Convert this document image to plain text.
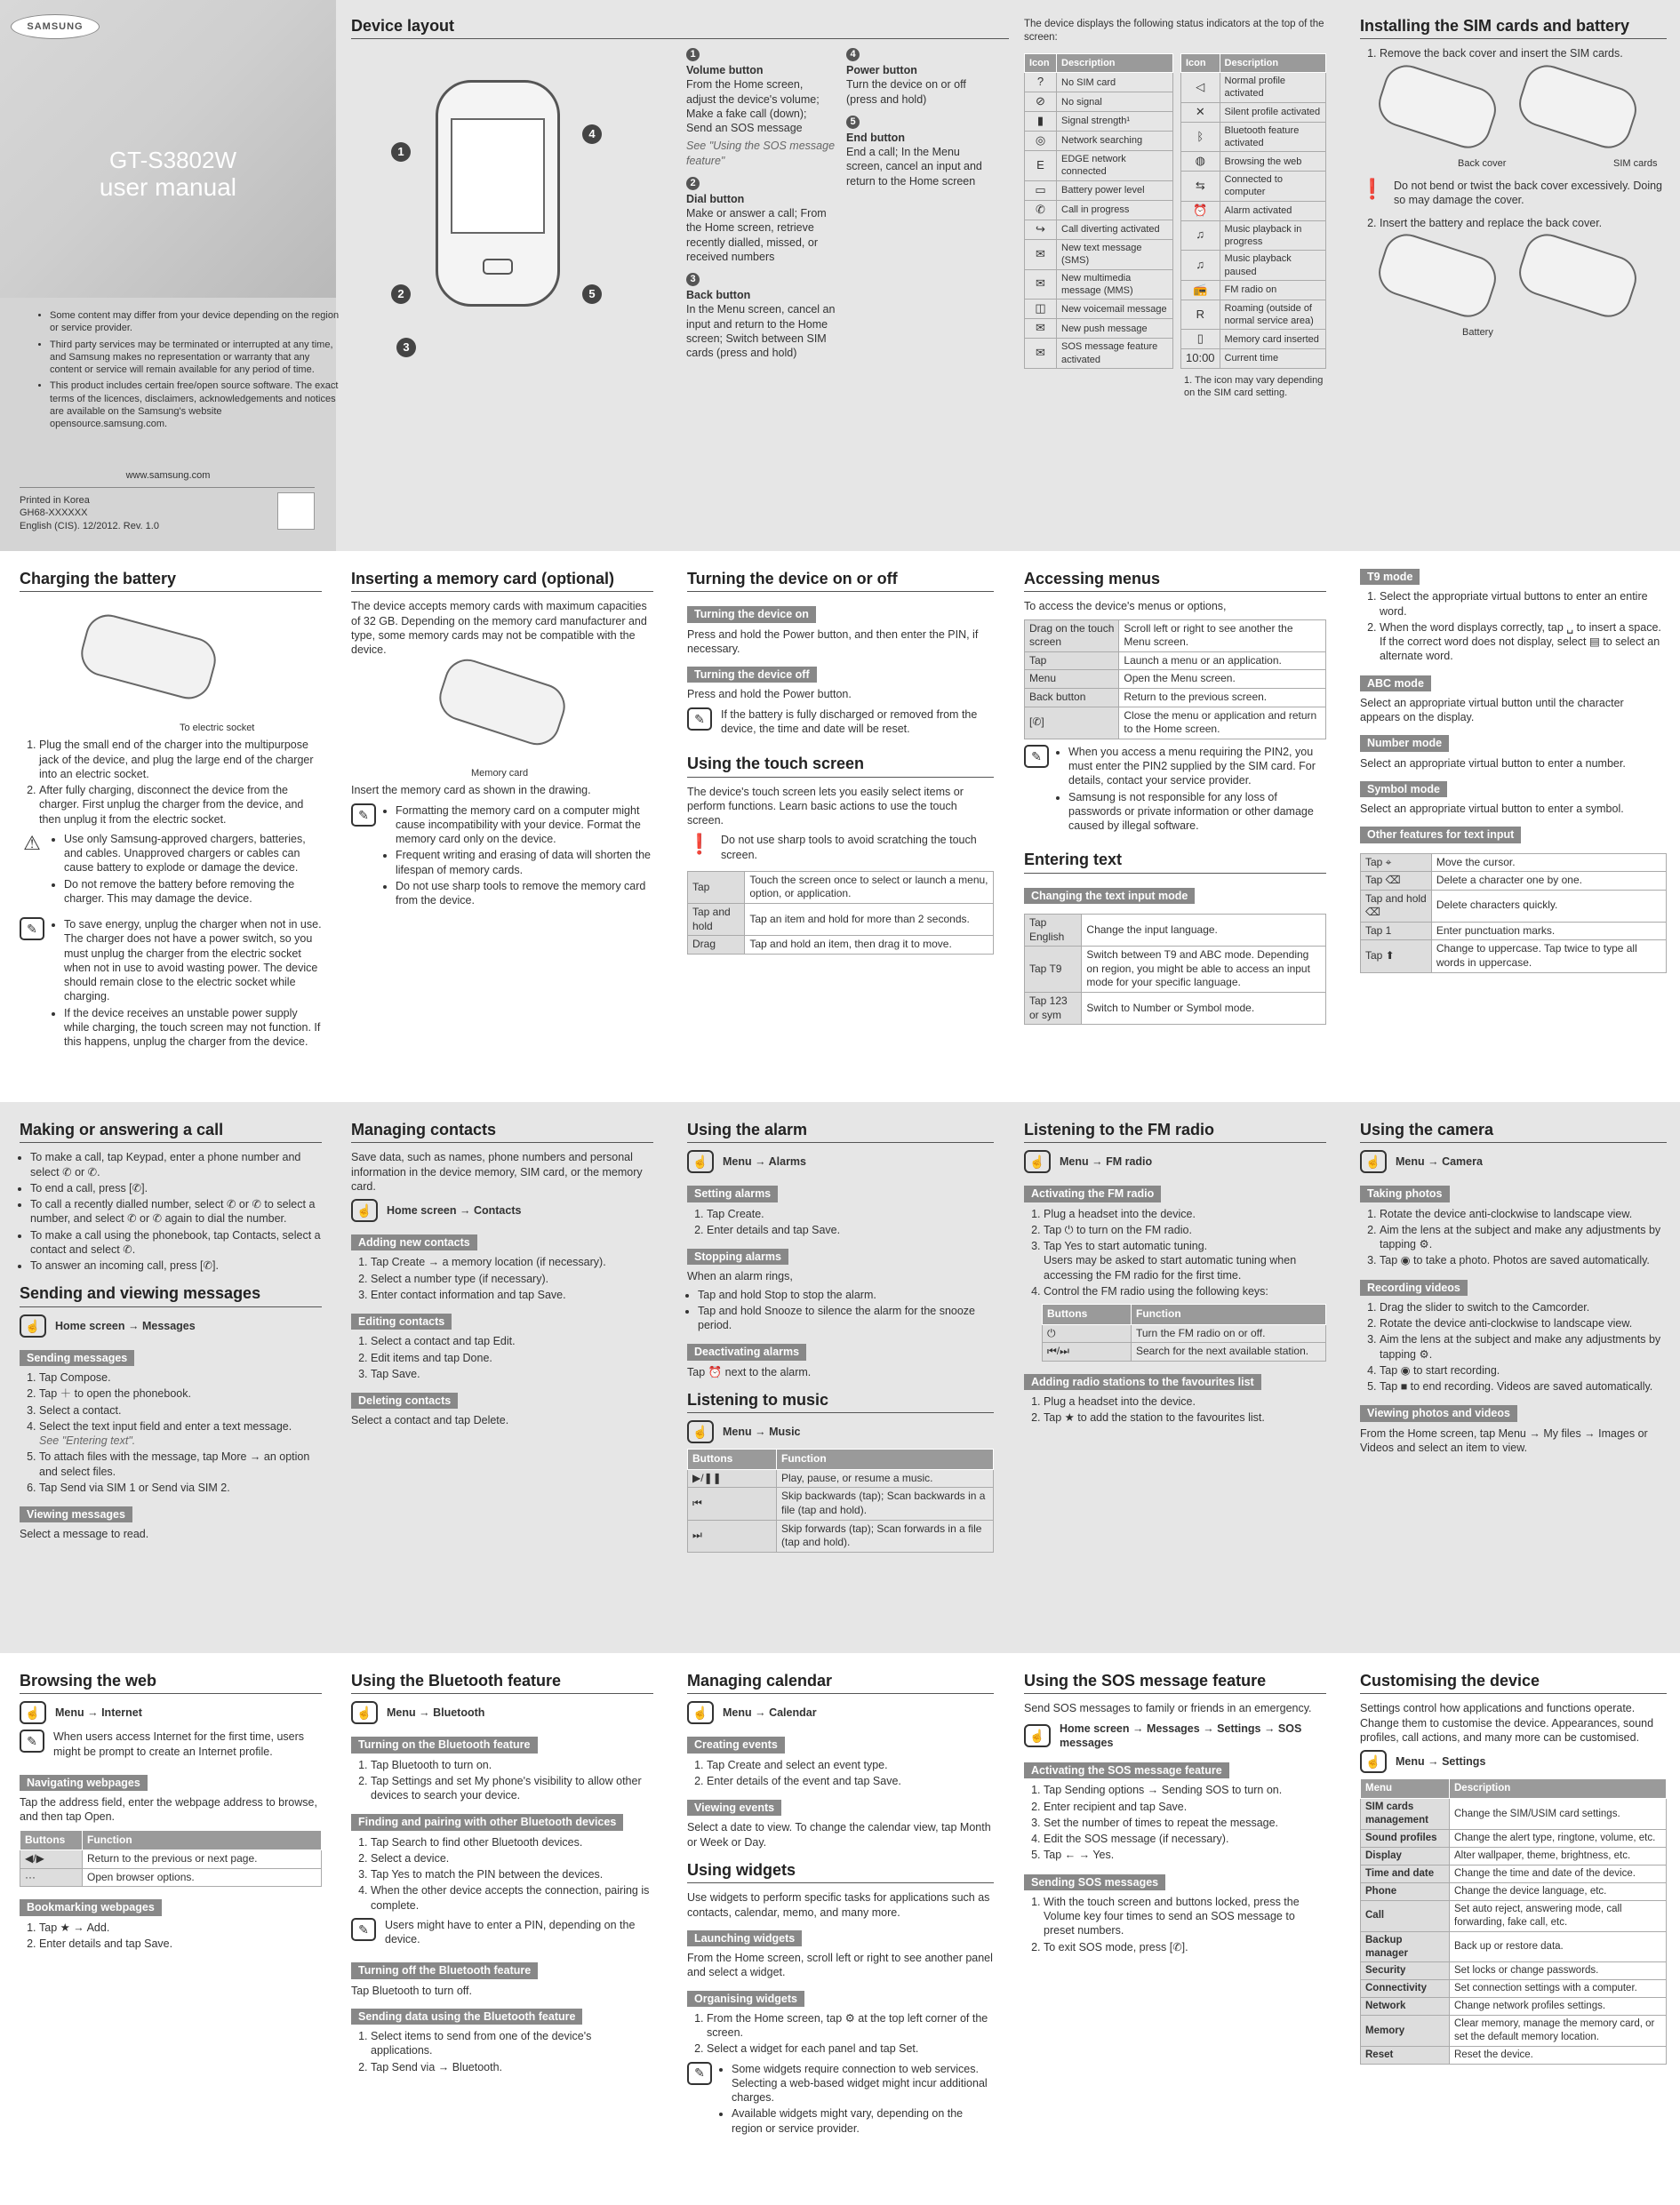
SAMSUNG
GT-S3802W
user manual
• Some content may differ from your device depending on the region or service provider.
• Third party services may be terminated or interrupted at any time, and Samsung makes no representation or warranty that any content or service will remain available for any period of time.
• This product includes certain free/open source software. The exact terms of the licences, disclaimers, acknowledgements and notices are available on the Samsung's website opensource.samsung.com.
www.samsung.com
Printed in Korea
GH68-XXXXXX
English (CIS). 12/2012. Rev. 1.0
Device layout
1
2
3
4
5
1
Volume button

From the Home screen, adjust the device's volume; Make a fake call (down); Send an SOS message

See "Using the SOS message feature"

2
Dial button

Make or answer a call; From the Home screen, retrieve recently dialled, missed, or received numbers

3
Back button

In the Menu screen, cancel an input and return to the Home screen; Switch between SIM cards (press and hold)

4
Power button

Turn the device on or off (press and hold)

5
End button

End a call; In the Menu screen, cancel an input and return to the Home screen

The device displays the following status indicators at the top of the screen:

Icon	Description
?	No SIM card
⊘	No signal
▮	Signal strength¹
◎	Network searching
E	EDGE network connected
▭	Battery power level
✆	Call in progress
↪	Call diverting activated
✉	New text message (SMS)
✉	New multimedia message (MMS)
◫	New voicemail message
✉	New push message
✉	SOS message feature activated
Icon	Description
◁	Normal profile activated
✕	Silent profile activated
ᛒ	Bluetooth feature activated
◍	Browsing the web
⇆	Connected to computer
⏰	Alarm activated
♫	Music playback in progress
♫	Music playback paused
📻	FM radio on
R	Roaming (outside of normal service area)
▯	Memory card inserted
10:00	Current time

1. The icon may vary depending on the SIM card setting.

Installing the SIM cards and battery
1. Remove the back cover and insert the SIM cards.
Back cover	SIM cards
❗ Do not bend or twist the back cover excessively. Doing so may damage the cover.

2. Insert the battery and replace the back cover.
Battery
Charging the battery
To electric socket
1. Plug the small end of the charger into the multipurpose jack of the device, and plug the large end of the charger into an electric socket.
2. After fully charging, disconnect the device from the charger. First unplug the charger from the device, and then unplug it from the electric socket.
⚠	• Use only Samsung-approved chargers, batteries, and cables. Unapproved chargers or cables can cause battery to explode or damage the device.
• Do not remove the battery before removing the charger. This may damage the device.
✎	• To save energy, unplug the charger when not in use. The charger does not have a power switch, so you must unplug the charger from the electric socket when not in use to avoid wasting power. The device should remain close to the electric socket while charging.
• If the device receives an unstable power supply while charging, the touch screen may not function. If this happens, unplug the charger from the device.
Inserting a memory card (optional)

The device accepts memory cards with maximum capacities of 32 GB. Depending on the memory card manufacturer and type, some memory cards may not be compatible with the device.

Memory card

Insert the memory card as shown in the drawing.

✎	• Formatting the memory card on a computer might cause incompatibility with your device. Format the memory card only on the device.
• Frequent writing and erasing of data will shorten the lifespan of memory cards.
• Do not use sharp tools to remove the memory card from the device.
Turning the device on or off
Turning the device on

Press and hold the Power button, and then enter the PIN, if necessary.

Turning the device off

Press and hold the Power button.

✎	If the battery is fully discharged or removed from the device, the time and date will be reset.

Using the touch screen

The device's touch screen lets you easily select items or perform functions. Learn basic actions to use the touch screen.

❗ Do not use sharp tools to avoid scratching the touch screen.

Tap	Touch the screen once to select or launch a menu, option, or application.
Tap and hold	Tap an item and hold for more than 2 seconds.
Drag	Tap and hold an item, then drag it to move.
Accessing menus

To access the device's menus or options,

Drag on the touch screen	Scroll left or right to see another the Menu screen.
Tap	Launch a menu or an application.
Menu	Open the Menu screen.
Back button	Return to the previous screen.
[✆]	Close the menu or application and return to the Home screen.
✎	• When you access a menu requiring the PIN2, you must enter the PIN2 supplied by the SIM card. For details, contact your service provider.
• Samsung is not responsible for any loss of passwords or private information or other damage caused by illegal software.
Entering text
Changing the text input mode
Tap English	Change the input language.
Tap T9	Switch between T9 and ABC mode. Depending on region, you might be able to access an input mode for your specific language.
Tap 123 or sym	Switch to Number or Symbol mode.
T9 mode
1. Select the appropriate virtual buttons to enter an entire word.
2. When the word displays correctly, tap ␣ to insert a space. If the correct word does not display, select ▤ to select an alternate word.
ABC mode

Select an appropriate virtual button until the character appears on the display.

Number mode

Select an appropriate virtual button to enter a number.

Symbol mode

Select an appropriate virtual button to enter a symbol.

Other features for text input
Tap ⌖	Move the cursor.
Tap ⌫	Delete a character one by one.
Tap and hold ⌫	Delete characters quickly.
Tap 1	Enter punctuation marks.
Tap ⬆	Change to uppercase. Tap twice to type all words in uppercase.
Making or answering a call
• To make a call, tap Keypad, enter a phone number and select ✆ or ✆.
• To end a call, press [✆].
• To call a recently dialled number, select ✆ or ✆ to select a number, and select ✆ or ✆ again to dial the number.
• To make a call using the phonebook, tap Contacts, select a contact and select ✆.
• To answer an incoming call, press [✆].
Sending and viewing messages
☝	Home screen → Messages
Sending messages
1. Tap Compose.
2. Tap ＋ to open the phonebook.
3. Select a contact.
4. Select the text input field and enter a text message.
See "Entering text".
5. To attach files with the message, tap More → an option and select files.
6. Tap Send via SIM 1 or Send via SIM 2.
Viewing messages

Select a message to read.

Managing contacts

Save data, such as names, phone numbers and personal information in the device memory, SIM card, or the memory card.

☝	Home screen → Contacts
Adding new contacts
1. Tap Create → a memory location (if necessary).
2. Select a number type (if necessary).
3. Enter contact information and tap Save.
Editing contacts
1. Select a contact and tap Edit.
2. Edit items and tap Done.
3. Tap Save.
Deleting contacts

Select a contact and tap Delete.

Using the alarm
☝	Menu → Alarms
Setting alarms
1. Tap Create.
2. Enter details and tap Save.
Stopping alarms

When an alarm rings,

• Tap and hold Stop to stop the alarm.
• Tap and hold Snooze to silence the alarm for the snooze period.
Deactivating alarms

Tap ⏰ next to the alarm.

Listening to music
☝	Menu → Music
Buttons	Function
▶/❚❚	Play, pause, or resume a music.
⏮	Skip backwards (tap); Scan backwards in a file (tap and hold).
⏭	Skip forwards (tap); Scan forwards in a file (tap and hold).
Listening to the FM radio
☝	Menu → FM radio
Activating the FM radio
1. Plug a headset into the device.
2. Tap ⏻ to turn on the FM radio.
3. Tap Yes to start automatic tuning.
Users may be asked to start automatic tuning when accessing the FM radio for the first time.
4. Control the FM radio using the following keys:
Buttons	Function
⏻	Turn the FM radio on or off.
⏮/⏭	Search for the next available station.
Adding radio stations to the favourites list
1. Plug a headset into the device.
2. Tap ★ to add the station to the favourites list.
Using the camera
☝	Menu → Camera
Taking photos
1. Rotate the device anti-clockwise to landscape view.
2. Aim the lens at the subject and make any adjustments by tapping ⚙.
3. Tap ◉ to take a photo. Photos are saved automatically.
Recording videos
1. Drag the slider to switch to the Camcorder.
2. Rotate the device anti-clockwise to landscape view.
3. Aim the lens at the subject and make any adjustments by tapping ⚙.
4. Tap ◉ to start recording.
5. Tap ■ to end recording. Videos are saved automatically.
Viewing photos and videos

From the Home screen, tap Menu → My files → Images or Videos and select an item to view.

Browsing the web
☝	Menu → Internet
✎	When users access Internet for the first time, users might be prompt to create an Internet profile.

Navigating webpages

Tap the address field, enter the webpage address to browse, and then tap Open.

Buttons	Function
◀/▶	Return to the previous or next page.
···	Open browser options.
Bookmarking webpages
1. Tap ★ → Add.
2. Enter details and tap Save.
Using the Bluetooth feature
☝	Menu → Bluetooth
Turning on the Bluetooth feature
1. Tap Bluetooth to turn on.
2. Tap Settings and set My phone's visibility to allow other devices to search your device.
Finding and pairing with other Bluetooth devices
1. Tap Search to find other Bluetooth devices.
2. Select a device.
3. Tap Yes to match the PIN between the devices.
4. When the other device accepts the connection, pairing is complete.
✎	Users might have to enter a PIN, depending on the device.

Turning off the Bluetooth feature

Tap Bluetooth to turn off.

Sending data using the Bluetooth feature
1. Select items to send from one of the device's applications.
2. Tap Send via → Bluetooth.
Managing calendar
☝	Menu → Calendar
Creating events
1. Tap Create and select an event type.
2. Enter details of the event and tap Save.
Viewing events

Select a date to view. To change the calendar view, tap Month or Week or Day.

Using widgets

Use widgets to perform specific tasks for applications such as contacts, calendar, memo, and many more.

Launching widgets

From the Home screen, scroll left or right to see another panel and select a widget.

Organising widgets
1. From the Home screen, tap ⚙ at the top left corner of the screen.
2. Select a widget for each panel and tap Set.
✎	• Some widgets require connection to web services. Selecting a web-based widget might incur additional charges.
• Available widgets might vary, depending on the region or service provider.
Using the SOS message feature

Send SOS messages to family or friends in an emergency.

☝
Home screen → Messages → Settings → SOS messages
Activating the SOS message feature
1. Tap Sending options → Sending SOS to turn on.
2. Enter recipient and tap Save.
3. Set the number of times to repeat the message.
4. Edit the SOS message (if necessary).
5. Tap ← → Yes.
Sending SOS messages
1. With the touch screen and buttons locked, press the Volume key four times to send an SOS message to preset numbers.
2. To exit SOS mode, press [✆].
Customising the device

Settings control how applications and functions operate. Change them to customise the device. Appearances, sound profiles, call actions, and many more can be customised.

☝	Menu → Settings
Menu	Description
SIM cards management	Change the SIM/USIM card settings.
Sound profiles	Change the alert type, ringtone, volume, etc.
Display	Alter wallpaper, theme, brightness, etc.
Time and date	Change the time and date of the device.
Phone	Change the device language, etc.
Call	Set auto reject, answering mode, call forwarding, fake call, etc.
Backup manager	Back up or restore data.
Security	Set locks or change passwords.
Connectivity	Set connection settings with a computer.
Network	Change network profiles settings.
Memory	Clear memory, manage the memory card, or set the default memory location.
Reset	Reset the device.
